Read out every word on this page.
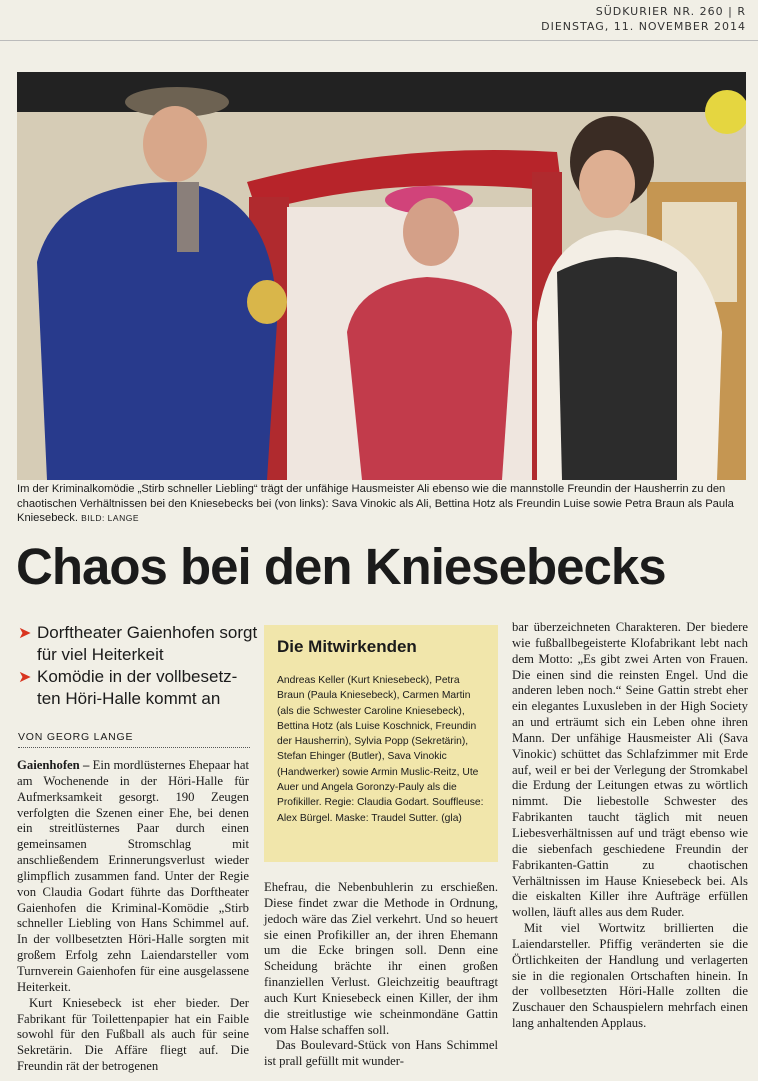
SÜDKURIER NR. 260 | R
DIENSTAG, 11. NOVEMBER 2014
Im der Kriminalkomödie „Stirb schneller Liebling“ trägt der unfähige Hausmeister Ali ebenso wie die mannstolle Freundin der Hausherrin zu den chaotischen Verhältnissen bei den Kniesebecks bei (von links): Sava Vinokic als Ali, Bettina Hotz als Freundin Luise sowie Petra Braun als Paula Kniesebeck. BILD: LANGE
Chaos bei den Kniesebecks
➤ Dorftheater Gaienhofen sorgt für viel Heiterkeit
➤ Komödie in der vollbesetz-ten Höri-Halle kommt an
VON GEORG LANGE

Gaienhofen – Ein mordlüsternes Ehepaar hat am Wochenende in der Höri-Halle für Aufmerksamkeit gesorgt. 190 Zeugen verfolgten die Szenen einer Ehe, bei denen ein streitlüsternes Paar durch einen gemeinsamen Stromschlag mit anschließendem Erinnerungsverlust wieder glimpflich zusammen fand. Unter der Regie von Claudia Godart führte das Dorftheater Gaienhofen die Kriminal-Komödie „Stirb schneller Liebling von Hans Schimmel auf. In der vollbesetzten Höri-Halle sorgten mit großem Erfolg zehn Laiendarsteller vom Turnverein Gaienhofen für eine ausgelassene Heiterkeit.

Kurt Kniesebeck ist eher bieder. Der Fabrikant für Toilettenpapier hat ein Faible sowohl für den Fußball als auch für seine Sekretärin. Die Affäre fliegt auf. Die Freundin rät der betrogenen

Die Mitwirkenden
Andreas Keller (Kurt Kniesebeck), Petra Braun (Paula Kniesebeck), Carmen Martin (als die Schwester Caroline Kniesebeck), Bettina Hotz (als Luise Koschnick, Freundin der Hausherrin), Sylvia Popp (Sekretärin), Stefan Ehinger (Butler), Sava Vinokic (Handwerker) sowie Armin Muslic-Reitz, Ute Auer und Angela Goronzy-Pauly als die Profikiller. Regie: Claudia Godart. Souffleuse: Alex Bürgel. Maske: Traudel Sutter. (gla)

Ehefrau, die Nebenbuhlerin zu erschießen. Diese findet zwar die Methode in Ordnung, jedoch wäre das Ziel verkehrt. Und so heuert sie einen Profikiller an, der ihren Ehemann um die Ecke bringen soll. Denn eine Scheidung brächte ihr einen großen finanziellen Verlust. Gleichzeitig beauftragt auch Kurt Kniesebeck einen Killer, der ihm die streitlustige wie scheinmondäne Gattin vom Halse schaffen soll.

Das Boulevard-Stück von Hans Schimmel ist prall gefüllt mit wunder-

bar überzeichneten Charakteren. Der biedere wie fußballbegeisterte Klofabrikant lebt nach dem Motto: „Es gibt zwei Arten von Frauen. Die einen sind die reinsten Engel. Und die anderen leben noch.“ Seine Gattin strebt eher ein elegantes Luxusleben in der High Society an und erträumt sich ein Leben ohne ihren Mann. Der unfähige Hausmeister Ali (Sava Vinokic) schüttet das Schlafzimmer mit Erde auf, weil er bei der Verlegung der Stromkabel die Erdung der Leitungen etwas zu wörtlich nimmt. Die liebestolle Schwester des Fabrikanten taucht täglich mit neuen Liebesverhältnissen auf und trägt ebenso wie die siebenfach geschiedene Freundin der Fabrikanten-Gattin zu chaotischen Verhältnissen im Hause Kniesebeck bei. Als die eiskalten Killer ihre Aufträge erfüllen wollen, läuft alles aus dem Ruder.

Mit viel Wortwitz brillierten die Laiendarsteller. Pfiffig veränderten sie die Örtlichkeiten der Handlung und verlagerten sie in die regionalen Ortschaften hinein. In der vollbesetzten Höri-Halle zollten die Zuschauer den Schauspielern mehrfach einen lang anhaltenden Applaus.
